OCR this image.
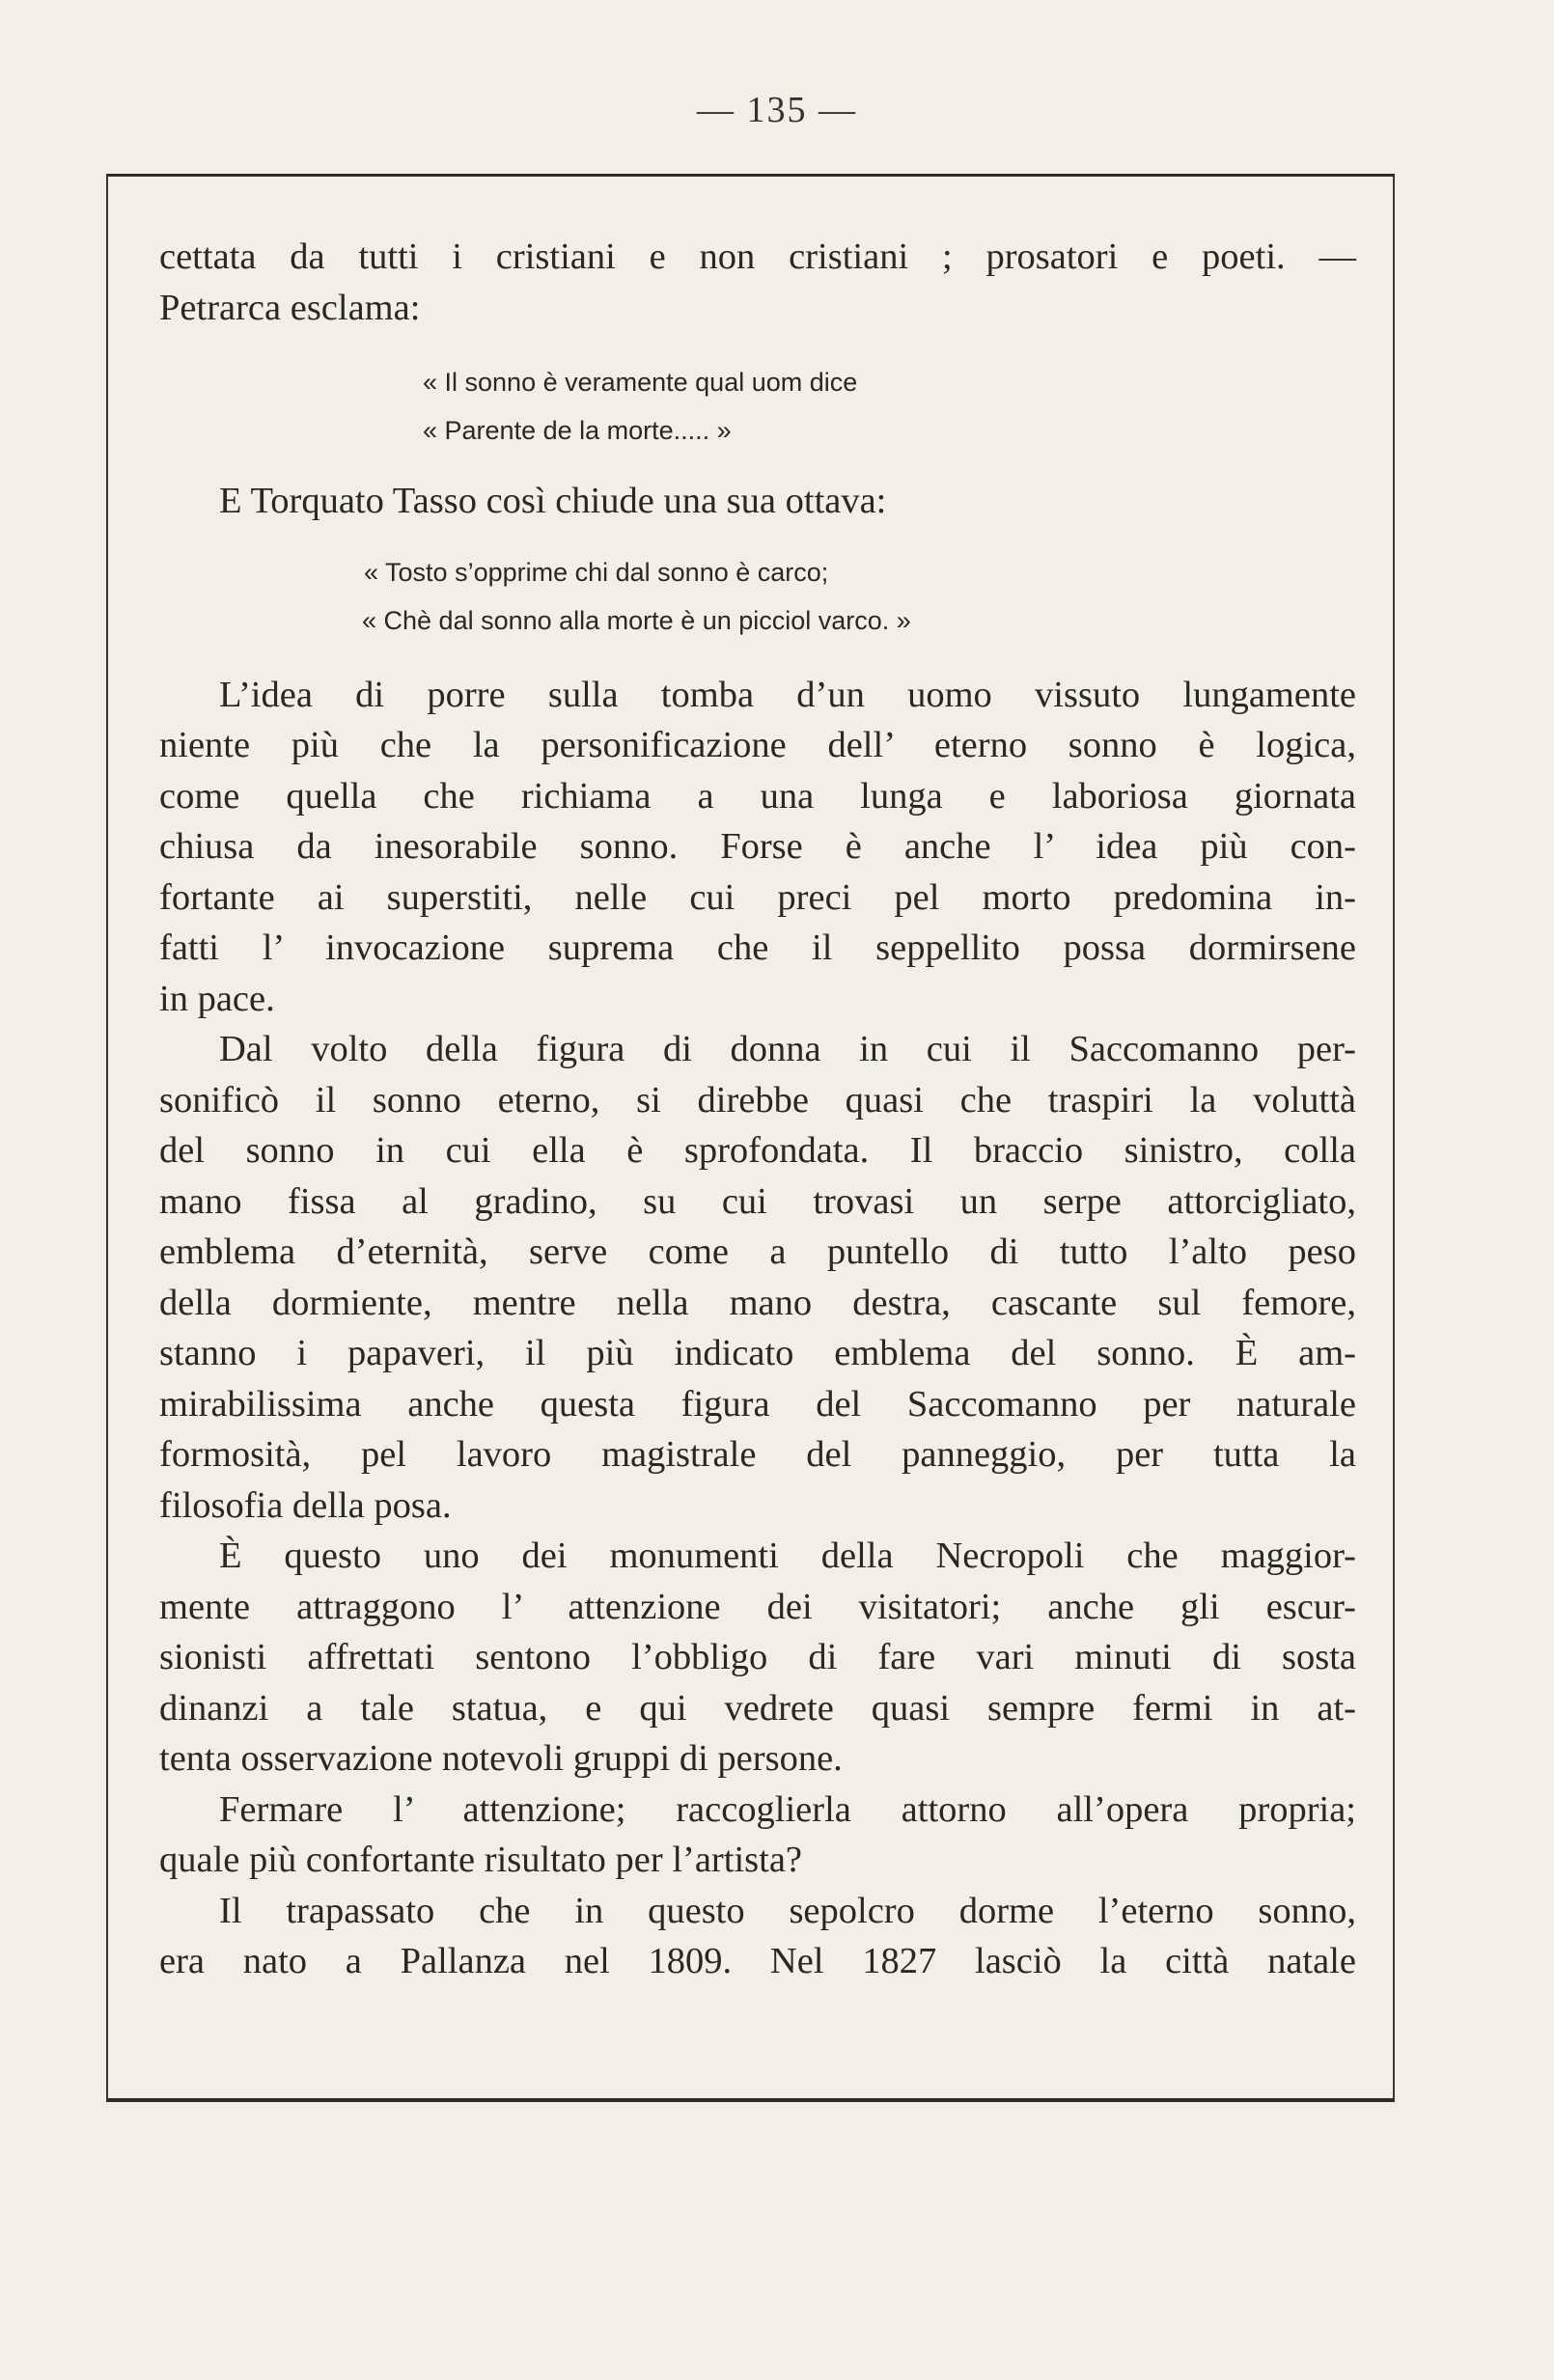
— 135 —

cettata da tutti i cristiani e non cristiani ; prosatori e poeti. —
Petrarca esclama:

« Il sonno è veramente qual uom dice
« Parente de la morte..... »

E Torquato Tasso così chiude una sua ottava:

« Tosto s’opprime chi dal sonno è carco;
« Chè dal sonno alla morte è un picciol varco. »

L’idea di porre sulla tomba d’un uomo vissuto lungamente
niente più che la personificazione dell’ eterno sonno è logica,
come quella che richiama a una lunga e laboriosa giornata
chiusa da inesorabile sonno. Forse è anche l’ idea più con-
fortante ai superstiti, nelle cui preci pel morto predomina in-
fatti l’ invocazione suprema che il seppellito possa dormirsene
in pace.

Dal volto della figura di donna in cui il Saccomanno per-
sonificò il sonno eterno, si direbbe quasi che traspiri la voluttà
del sonno in cui ella è sprofondata. Il braccio sinistro, colla
mano fissa al gradino, su cui trovasi un serpe attorcigliato,
emblema d’eternità, serve come a puntello di tutto l’alto peso
della dormiente, mentre nella mano destra, cascante sul femore,
stanno i papaveri, il più indicato emblema del sonno. È am-
mirabilissima anche questa figura del Saccomanno per naturale
formosità, pel lavoro magistrale del panneggio, per tutta la
filosofia della posa.

È questo uno dei monumenti della Necropoli che maggior-
mente attraggono l’ attenzione dei visitatori; anche gli escur-
sionisti affrettati sentono l’obbligo di fare vari minuti di sosta
dinanzi a tale statua, e qui vedrete quasi sempre fermi in at-
tenta osservazione notevoli gruppi di persone.

Fermare l’ attenzione; raccoglierla attorno all’opera propria;
quale più confortante risultato per l’artista?

Il trapassato che in questo sepolcro dorme l’eterno sonno,
era nato a Pallanza nel 1809. Nel 1827 lasciò la città natale
